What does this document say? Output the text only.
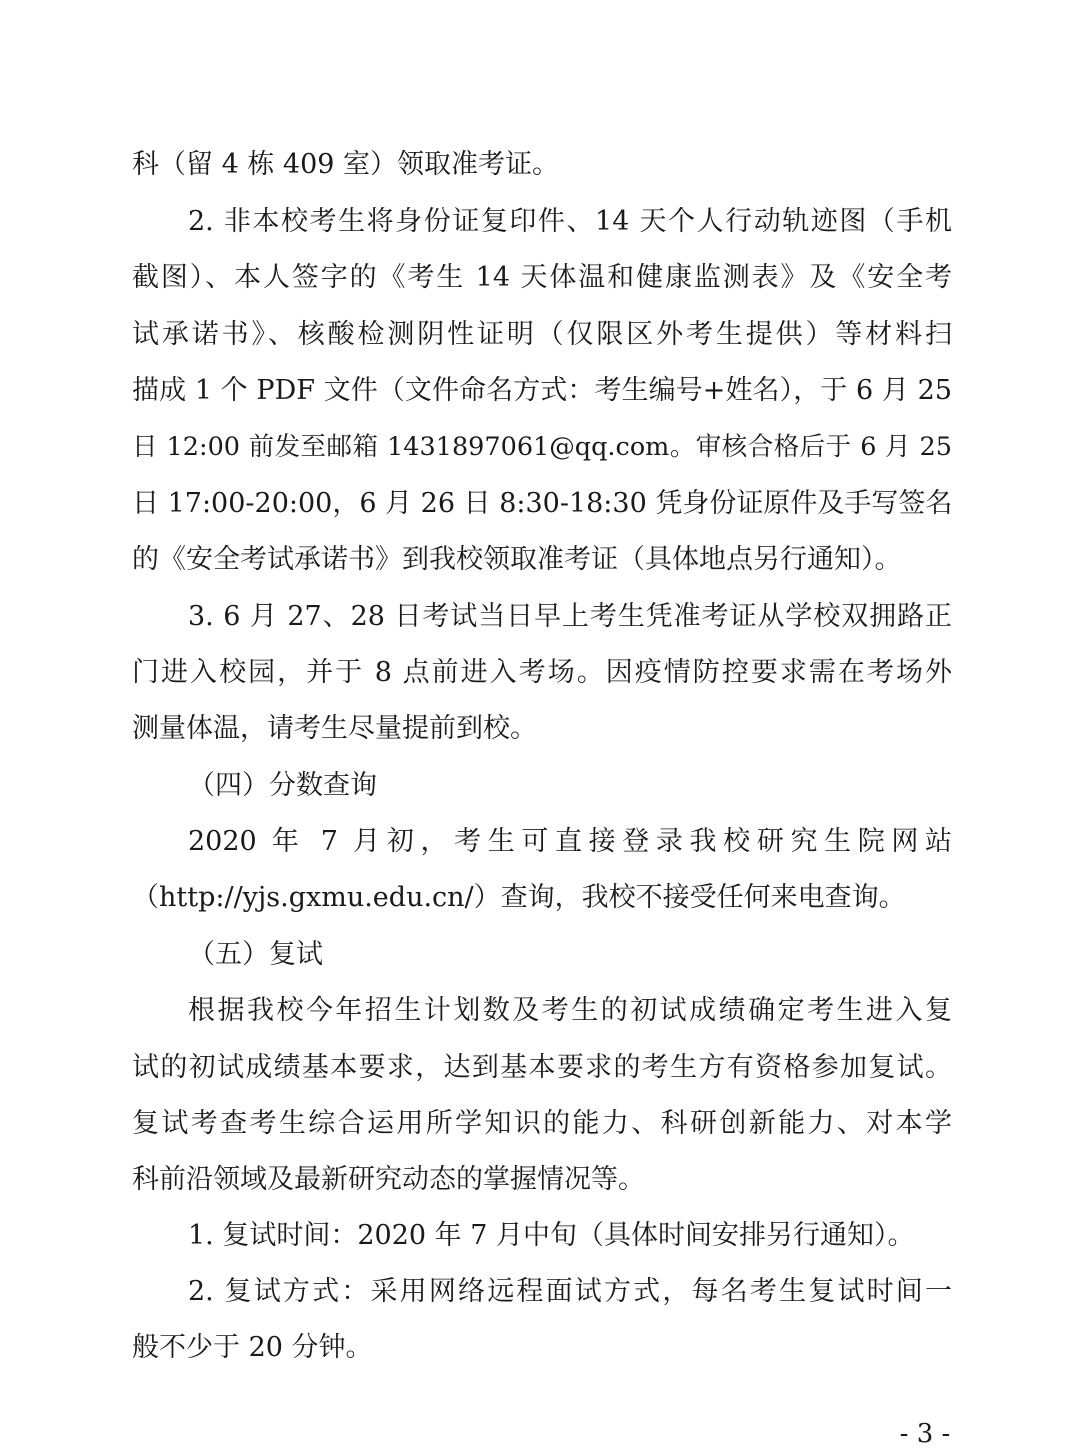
科（留 4 栋 409 室）领取准考证。
2. 非本校考生将身份证复印件、14 天个人行动轨迹图（手机
截图）、本人签字的《考生 14 天体温和健康监测表》及《安全考
试承诺书》、核酸检测阴性证明（仅限区外考生提供）等材料扫
描成 1 个 PDF 文件（文件命名方式：考生编号+姓名），于 6 月 25
日 12:00 前发至邮箱 1431897061@qq.com。审核合格后于 6 月 25
日 17:00-20:00，6 月 26 日 8:30-18:30 凭身份证原件及手写签名
的《安全考试承诺书》到我校领取准考证（具体地点另行通知）。
3. 6 月 27、28 日考试当日早上考生凭准考证从学校双拥路正
门进入校园，并于 8 点前进入考场。因疫情防控要求需在考场外
测量体温，请考生尽量提前到校。
（四）分数查询
2020 年 7 月初，考生可直接登录我校研究生院网站
（http://yjs.gxmu.edu.cn/）查询，我校不接受任何来电查询。
（五）复试
根据我校今年招生计划数及考生的初试成绩确定考生进入复
试的初试成绩基本要求，达到基本要求的考生方有资格参加复试。
复试考查考生综合运用所学知识的能力、科研创新能力、对本学
科前沿领域及最新研究动态的掌握情况等。
1. 复试时间：2020 年 7 月中旬（具体时间安排另行通知）。
2. 复试方式：采用网络远程面试方式，每名考生复试时间一
般不少于 20 分钟。
- 3 -
